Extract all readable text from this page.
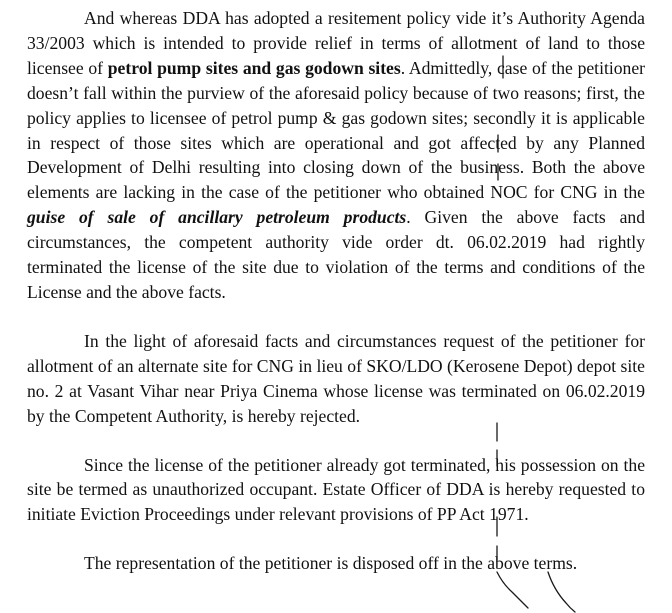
And whereas DDA has adopted a resitement policy vide it’s Authority Agenda 33/2003 which is intended to provide relief in terms of allotment of land to those licensee of petrol pump sites and gas godown sites. Admittedly, case of the petitioner doesn’t fall within the purview of the aforesaid policy because of two reasons; first, the policy applies to licensee of petrol pump & gas godown sites; secondly it is applicable in respect of those sites which are operational and got affected by any Planned Development of Delhi resulting into closing down of the business. Both the above elements are lacking in the case of the petitioner who obtained NOC for CNG in the guise of sale of ancillary petroleum products. Given the above facts and circumstances, the competent authority vide order dt. 06.02.2019 had rightly terminated the license of the site due to violation of the terms and conditions of the License and the above facts.

In the light of aforesaid facts and circumstances request of the petitioner for allotment of an alternate site for CNG in lieu of SKO/LDO (Kerosene Depot) depot site no. 2 at Vasant Vihar near Priya Cinema whose license was terminated on 06.02.2019 by the Competent Authority, is hereby rejected.

Since the license of the petitioner already got terminated, his possession on the site be termed as unauthorized occupant. Estate Officer of DDA is hereby requested to initiate Eviction Proceedings under relevant provisions of PP Act 1971.

The representation of the petitioner is disposed off in the above terms.
